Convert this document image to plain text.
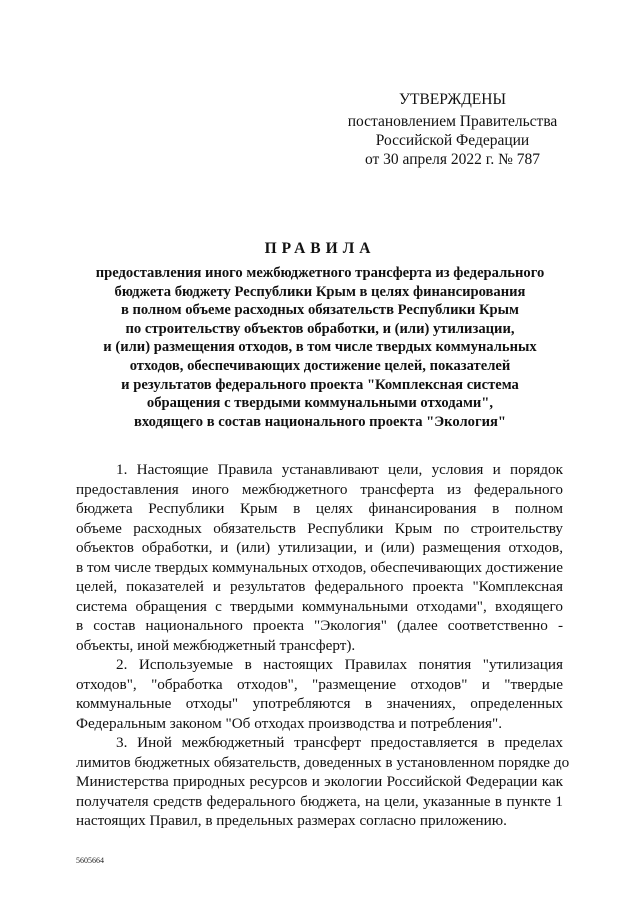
УТВЕРЖДЕНЫ
постановлением Правительства
Российской Федерации
от 30 апреля 2022 г. № 787
ПРАВИЛА
предоставления иного межбюджетного трансферта из федерального
бюджета бюджету Республики Крым в целях финансирования
в полном объеме расходных обязательств Республики Крым
по строительству объектов обработки, и (или) утилизации,
и (или) размещения отходов, в том числе твердых коммунальных
отходов, обеспечивающих достижение целей, показателей
и результатов федерального проекта "Комплексная система
обращения с твердыми коммунальными отходами",
входящего в состав национального проекта "Экология"
1. Настоящие Правила устанавливают цели, условия и порядок
предоставления иного межбюджетного трансферта из федерального
бюджета Республики Крым в целях финансирования в полном
объеме расходных обязательств Республики Крым по строительству
объектов обработки, и (или) утилизации, и (или) размещения отходов,
в том числе твердых коммунальных отходов, обеспечивающих достижение
целей, показателей и результатов федерального проекта "Комплексная
система обращения с твердыми коммунальными отходами", входящего
в состав национального проекта "Экология" (далее соответственно -
объекты, иной межбюджетный трансферт).
2. Используемые в настоящих Правилах понятия "утилизация
отходов", "обработка отходов", "размещение отходов" и "твердые
коммунальные отходы" употребляются в значениях, определенных
Федеральным законом "Об отходах производства и потребления".
3. Иной межбюджетный трансферт предоставляется в пределах
лимитов бюджетных обязательств, доведенных в установленном порядке до
Министерства природных ресурсов и экологии Российской Федерации как
получателя средств федерального бюджета, на цели, указанные в пункте 1
настоящих Правил, в предельных размерах согласно приложению.
5605664
